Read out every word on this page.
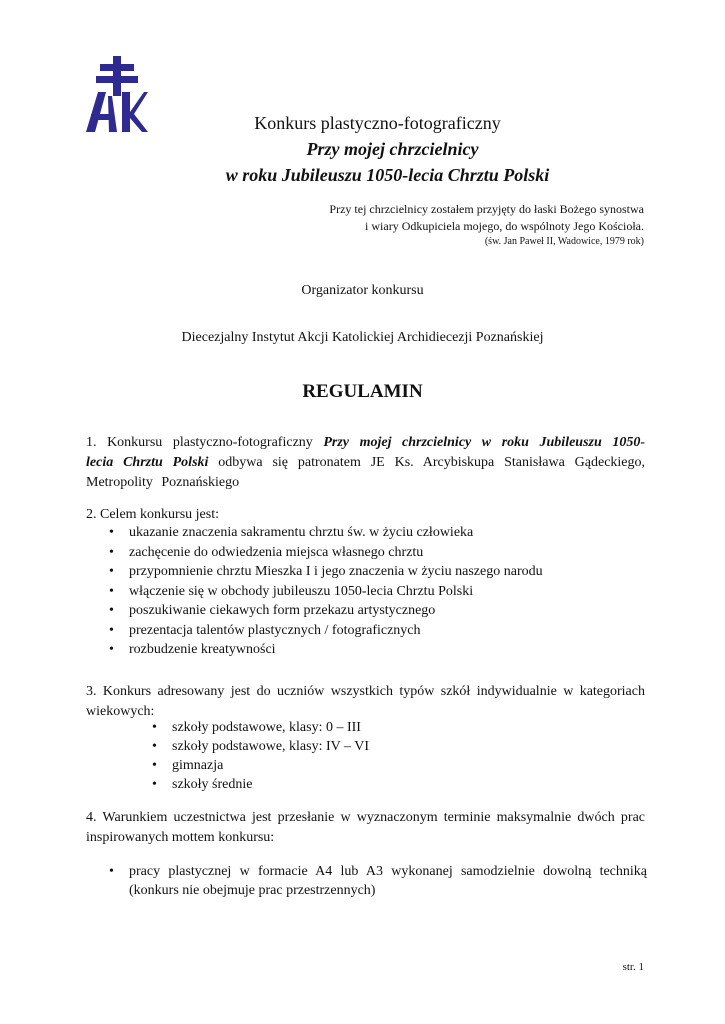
AK
Konkurs plastyczno-fotograficzny
Przy mojej chrzcielnicy
w roku Jubileuszu 1050-lecia Chrztu Polski
Przy tej chrzcielnicy zostałem przyjęty do łaski Bożego synostwa
i wiary Odkupiciela mojego, do wspólnoty Jego Kościoła.
(św. Jan Paweł II, Wadowice, 1979 rok)
Organizator konkursu
Diecezjalny Instytut Akcji Katolickiej Archidiecezji Poznańskiej
REGULAMIN
1. Konkursu plastyczno-fotograficzny Przy mojej chrzcielnicy w roku Jubileuszu 1050-lecia Chrztu Polski odbywa się patronatem JE Ks. Arcybiskupa Stanisława Gądeckiego, Metropolity Poznańskiego
2. Celem konkursu jest:
• ukazanie znaczenia sakramentu chrztu św. w życiu człowieka
• zachęcenie do odwiedzenia miejsca własnego chrztu
• przypomnienie chrztu Mieszka I i jego znaczenia w życiu naszego narodu
• włączenie się w obchody jubileuszu 1050-lecia Chrztu Polski
• poszukiwanie ciekawych form przekazu artystycznego
• prezentacja talentów plastycznych / fotograficznych
• rozbudzenie kreatywności
3. Konkurs adresowany jest do uczniów wszystkich typów szkół indywidualnie w kategoriach wiekowych:
• szkoły podstawowe, klasy: 0 – III
• szkoły podstawowe, klasy: IV – VI
• gimnazja
• szkoły średnie
4. Warunkiem uczestnictwa jest przesłanie w wyznaczonym terminie maksymalnie dwóch prac inspirowanych mottem konkursu:
• pracy plastycznej w formacie A4 lub A3 wykonanej samodzielnie dowolną techniką (konkurs nie obejmuje prac przestrzennych)
str. 1
